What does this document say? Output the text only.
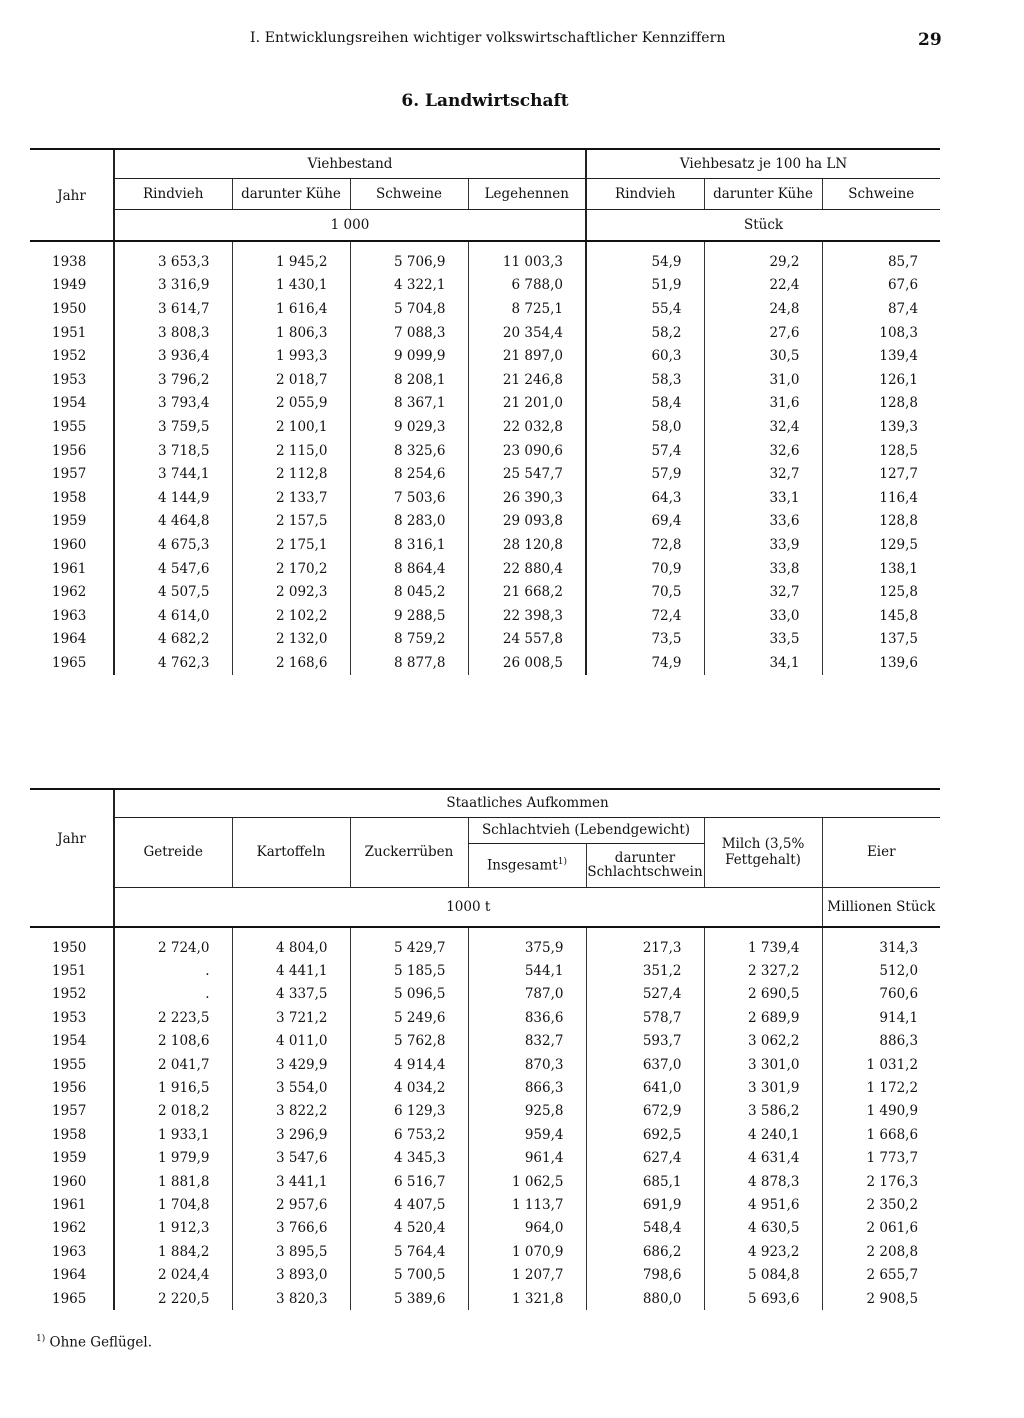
I. Entwicklungsreihen wichtiger volkswirtschaftlicher Kennziffern	29
6. Landwirtschaft
Jahr	Viehbestand				Viehbesatz je 100 ha LN		
	Rindvieh	darunter Kühe	Schweine	Legehennen	Rindvieh	darunter Kühe	Schweine
	1 000				Stück		
1938	3 653,3	1 945,2	5 706,9	11 003,3	54,9	29,2	85,7
1949	3 316,9	1 430,1	4 322,1	6 788,0	51,9	22,4	67,6
1950	3 614,7	1 616,4	5 704,8	8 725,1	55,4	24,8	87,4
1951	3 808,3	1 806,3	7 088,3	20 354,4	58,2	27,6	108,3
1952	3 936,4	1 993,3	9 099,9	21 897,0	60,3	30,5	139,4
1953	3 796,2	2 018,7	8 208,1	21 246,8	58,3	31,0	126,1
1954	3 793,4	2 055,9	8 367,1	21 201,0	58,4	31,6	128,8
1955	3 759,5	2 100,1	9 029,3	22 032,8	58,0	32,4	139,3
1956	3 718,5	2 115,0	8 325,6	23 090,6	57,4	32,6	128,5
1957	3 744,1	2 112,8	8 254,6	25 547,7	57,9	32,7	127,7
1958	4 144,9	2 133,7	7 503,6	26 390,3	64,3	33,1	116,4
1959	4 464,8	2 157,5	8 283,0	29 093,8	69,4	33,6	128,8
1960	4 675,3	2 175,1	8 316,1	28 120,8	72,8	33,9	129,5
1961	4 547,6	2 170,2	8 864,4	22 880,4	70,9	33,8	138,1
1962	4 507,5	2 092,3	8 045,2	21 668,2	70,5	32,7	125,8
1963	4 614,0	2 102,2	9 288,5	22 398,3	72,4	33,0	145,8
1964	4 682,2	2 132,0	8 759,2	24 557,8	73,5	33,5	137,5
1965	4 762,3	2 168,6	8 877,8	26 008,5	74,9	34,1	139,6
Jahr	Staatliches Aufkommen						
	Getreide	Kartoffeln	Zuckerrüben	Schlachtvieh (Lebendgewicht)		Milch (3,5% Fettgehalt)	Eier
				Insgesamt$^{1)}$	darunter Schlachtschwein		
	1000 t						Millionen Stück
1950	2 724,0	4 804,0	5 429,7	375,9	217,3	1 739,4	314,3
1951	.	4 441,1	5 185,5	544,1	351,2	2 327,2	512,0
1952	.	4 337,5	5 096,5	787,0	527,4	2 690,5	760,6
1953	2 223,5	3 721,2	5 249,6	836,6	578,7	2 689,9	914,1
1954	2 108,6	4 011,0	5 762,8	832,7	593,7	3 062,2	886,3
1955	2 041,7	3 429,9	4 914,4	870,3	637,0	3 301,0	1 031,2
1956	1 916,5	3 554,0	4 034,2	866,3	641,0	3 301,9	1 172,2
1957	2 018,2	3 822,2	6 129,3	925,8	672,9	3 586,2	1 490,9
1958	1 933,1	3 296,9	6 753,2	959,4	692,5	4 240,1	1 668,6
1959	1 979,9	3 547,6	4 345,3	961,4	627,4	4 631,4	1 773,7
1960	1 881,8	3 441,1	6 516,7	1 062,5	685,1	4 878,3	2 176,3
1961	1 704,8	2 957,6	4 407,5	1 113,7	691,9	4 951,6	2 350,2
1962	1 912,3	3 766,6	4 520,4	964,0	548,4	4 630,5	2 061,6
1963	1 884,2	3 895,5	5 764,4	1 070,9	686,2	4 923,2	2 208,8
1964	2 024,4	3 893,0	5 700,5	1 207,7	798,6	5 084,8	2 655,7
1965	2 220,5	3 820,3	5 389,6	1 321,8	880,0	5 693,6	2 908,5
$^{1)}$ Ohne Geflügel.
